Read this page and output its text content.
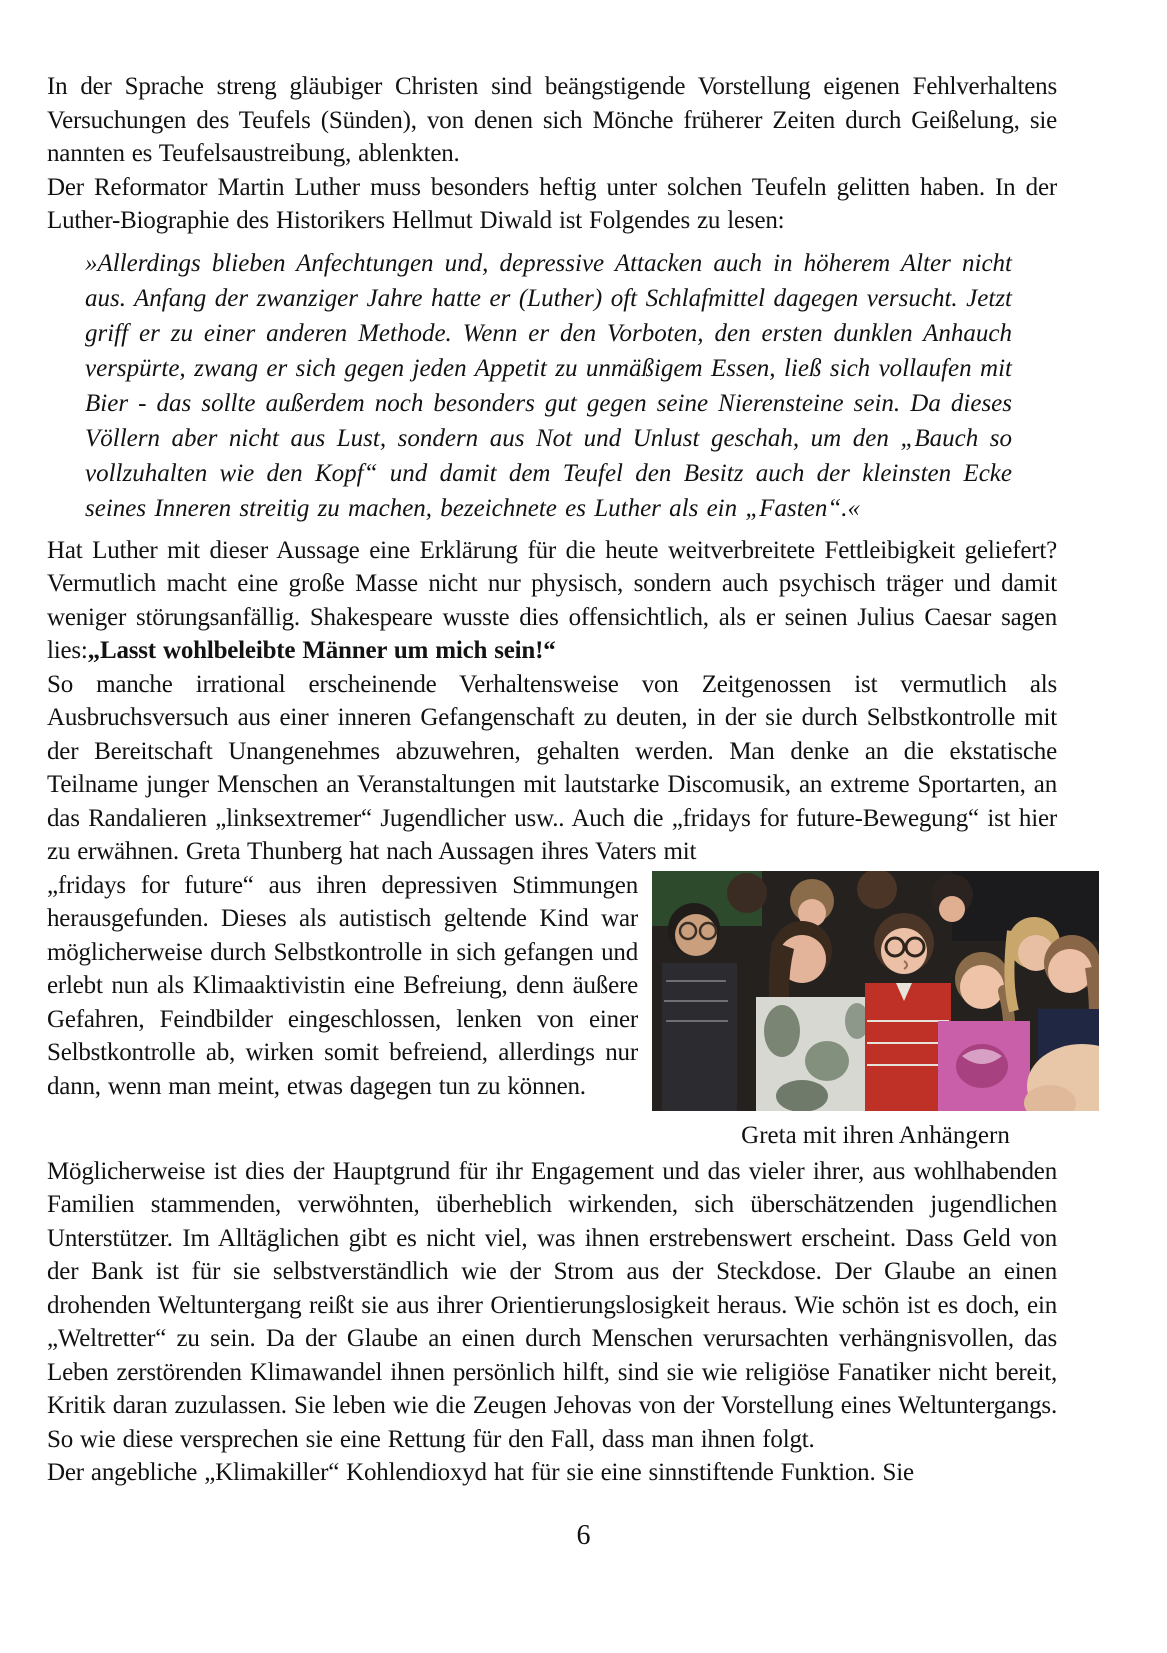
In der Sprache streng gläubiger Christen sind beängstigende Vorstellung eigenen Fehlverhaltens Versuchungen des Teufels (Sünden), von denen sich Mönche früherer Zeiten durch Geißelung, sie nannten es Teufelsaustreibung, ablenkten.

Der Reformator Martin Luther muss besonders heftig unter solchen Teufeln gelitten haben. In der Luther-Biographie des Historikers Hellmut Diwald ist Folgendes zu lesen:

»Allerdings blieben Anfechtungen und, depressive Attacken auch in höherem Alter nicht aus. Anfang der zwanziger Jahre hatte er (Luther) oft Schlafmittel dagegen versucht. Jetzt griff er zu einer anderen Methode. Wenn er den Vorboten, den ersten dunklen Anhauch verspürte, zwang er sich gegen jeden Appetit zu unmäßigem Essen, ließ sich vollaufen mit Bier - das sollte außerdem noch besonders gut gegen seine Nierensteine sein. Da dieses Völlern aber nicht aus Lust, sondern aus Not und Unlust geschah, um den „Bauch so vollzuhalten wie den Kopf“ und damit dem Teufel den Besitz auch der kleinsten Ecke seines Inneren streitig zu machen, bezeichnete es Luther als ein „Fasten“.«

Hat Luther mit dieser Aussage eine Erklärung für die heute weitverbreitete Fettleibigkeit geliefert? Vermutlich macht eine große Masse nicht nur physisch, sondern auch psychisch träger und damit weniger störungsanfällig. Shakespeare wusste dies offensichtlich, als er seinen Julius Caesar sagen lies:„Lasst wohlbeleibte Männer um mich sein!“

So manche irrational erscheinende Verhaltensweise von Zeitgenossen ist vermutlich als Ausbruchsversuch aus einer inneren Gefangenschaft zu deuten, in der sie durch Selbstkontrolle mit der Bereitschaft Unangenehmes abzuwehren, gehalten werden. Man denke an die ekstatische Teilname junger Menschen an Veranstaltungen mit lautstarke Discomusik, an extreme Sportarten, an das Randalieren „linksextremer“ Jugendlicher usw.. Auch die „fridays for future-Bewegung“ ist hier zu erwähnen. Greta Thunberg hat nach Aussagen ihres Vaters mit

Greta mit ihren Anhängern

„fridays for future“ aus ihren depressiven Stimmungen herausgefunden. Dieses als autistisch geltende Kind war möglicherweise durch Selbstkontrolle in sich gefangen und erlebt nun als Klimaaktivistin eine Befreiung, denn äußere Gefahren, Feindbilder eingeschlossen, lenken von einer Selbstkontrolle ab, wirken somit befreiend, allerdings nur dann, wenn man meint, etwas dagegen tun zu können.

Möglicherweise ist dies der Hauptgrund für ihr Engagement und das vieler ihrer, aus wohlhabenden Familien stammenden, verwöhnten, überheblich wirkenden, sich überschätzenden jugendlichen Unterstützer. Im Alltäglichen gibt es nicht viel, was ihnen erstrebenswert erscheint. Dass Geld von der Bank ist für sie selbstverständlich wie der Strom aus der Steckdose. Der Glaube an einen drohenden Weltuntergang reißt sie aus ihrer Orientierungslosigkeit heraus. Wie schön ist es doch, ein „Weltretter“ zu sein. Da der Glaube an einen durch Menschen verursachten verhängnisvollen, das Leben zerstörenden Klimawandel ihnen persönlich hilft, sind sie wie religiöse Fanatiker nicht bereit, Kritik daran zuzulassen. Sie leben wie die Zeugen Jehovas von der Vorstellung eines Weltuntergangs. So wie diese versprechen sie eine Rettung für den Fall, dass man ihnen folgt.

Der angebliche „Klimakiller“ Kohlendioxyd hat für sie eine sinnstiftende Funktion. Sie

6
